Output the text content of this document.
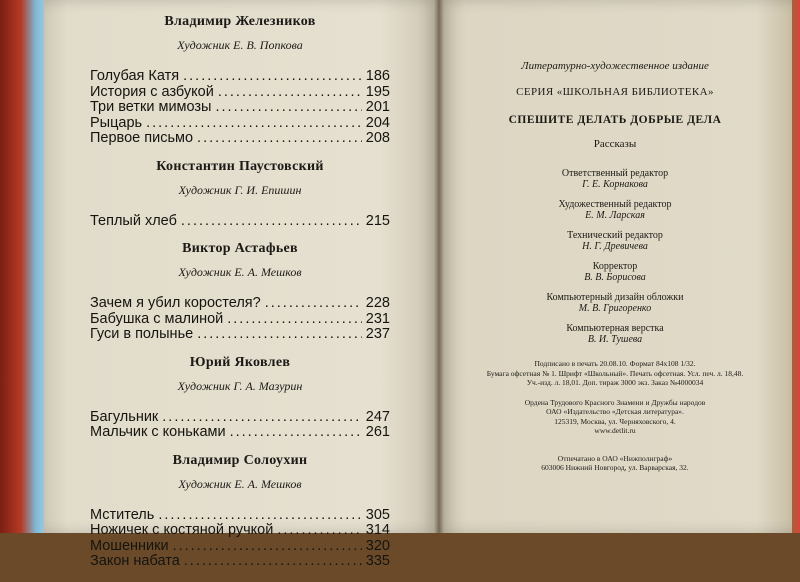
Владимир Железников
Художник Е. В. Попкова
Голубая Катя .....	186
История с азбукой .....	195
Три ветки мимозы .....	201
Рыцарь .....	204
Первое письмо .....	208
Константин Паустовский
Художник Г. И. Епишин
Теплый хлеб .....	215
Виктор Астафьев
Художник Е. А. Мешков
Зачем я убил коростеля? .....	228
Бабушка с малиной .....	231
Гуси в полынье .....	237
Юрий Яковлев
Художник Г. А. Мазурин
Багульник .....	247
Мальчик с коньками .....	261
Владимир Солоухин
Художник Е. А. Мешков
Мститель .....	305
Ножичек с костяной ручкой .....	314
Мошенники .....	320
Закон набата .....	335
Литературно-художественное издание
СЕРИЯ «ШКОЛЬНАЯ БИБЛИОТЕКА»
СПЕШИТЕ ДЕЛАТЬ ДОБРЫЕ ДЕЛА
Рассказы
Ответственный редактор
Г. Е. Корнакова
Художественный редактор
Е. М. Ларская
Технический редактор
Н. Г. Древичева
Корректор
В. В. Борисова
Компьютерный дизайн обложки
М. В. Григоренко
Компьютерная верстка
В. И. Тушева
Подписано в печать 20.08.10. Формат 84х108 1/32.
Бумага офсетная № 1. Шрифт «Школьный». Печать офсетная. Усл. печ. л. 18,48.
Уч.-изд. л. 18,01. Доп. тираж 3000 экз. Заказ №4000034
Ордена Трудового Красного Знамени и Дружбы народов
ОАО «Издательство «Детская литература».
125319, Москва, ул. Черняховского, 4.
www.detlit.ru
Отпечатано в ОАО «Нижполиграф»
603006 Нижний Новгород, ул. Варварская, 32.
